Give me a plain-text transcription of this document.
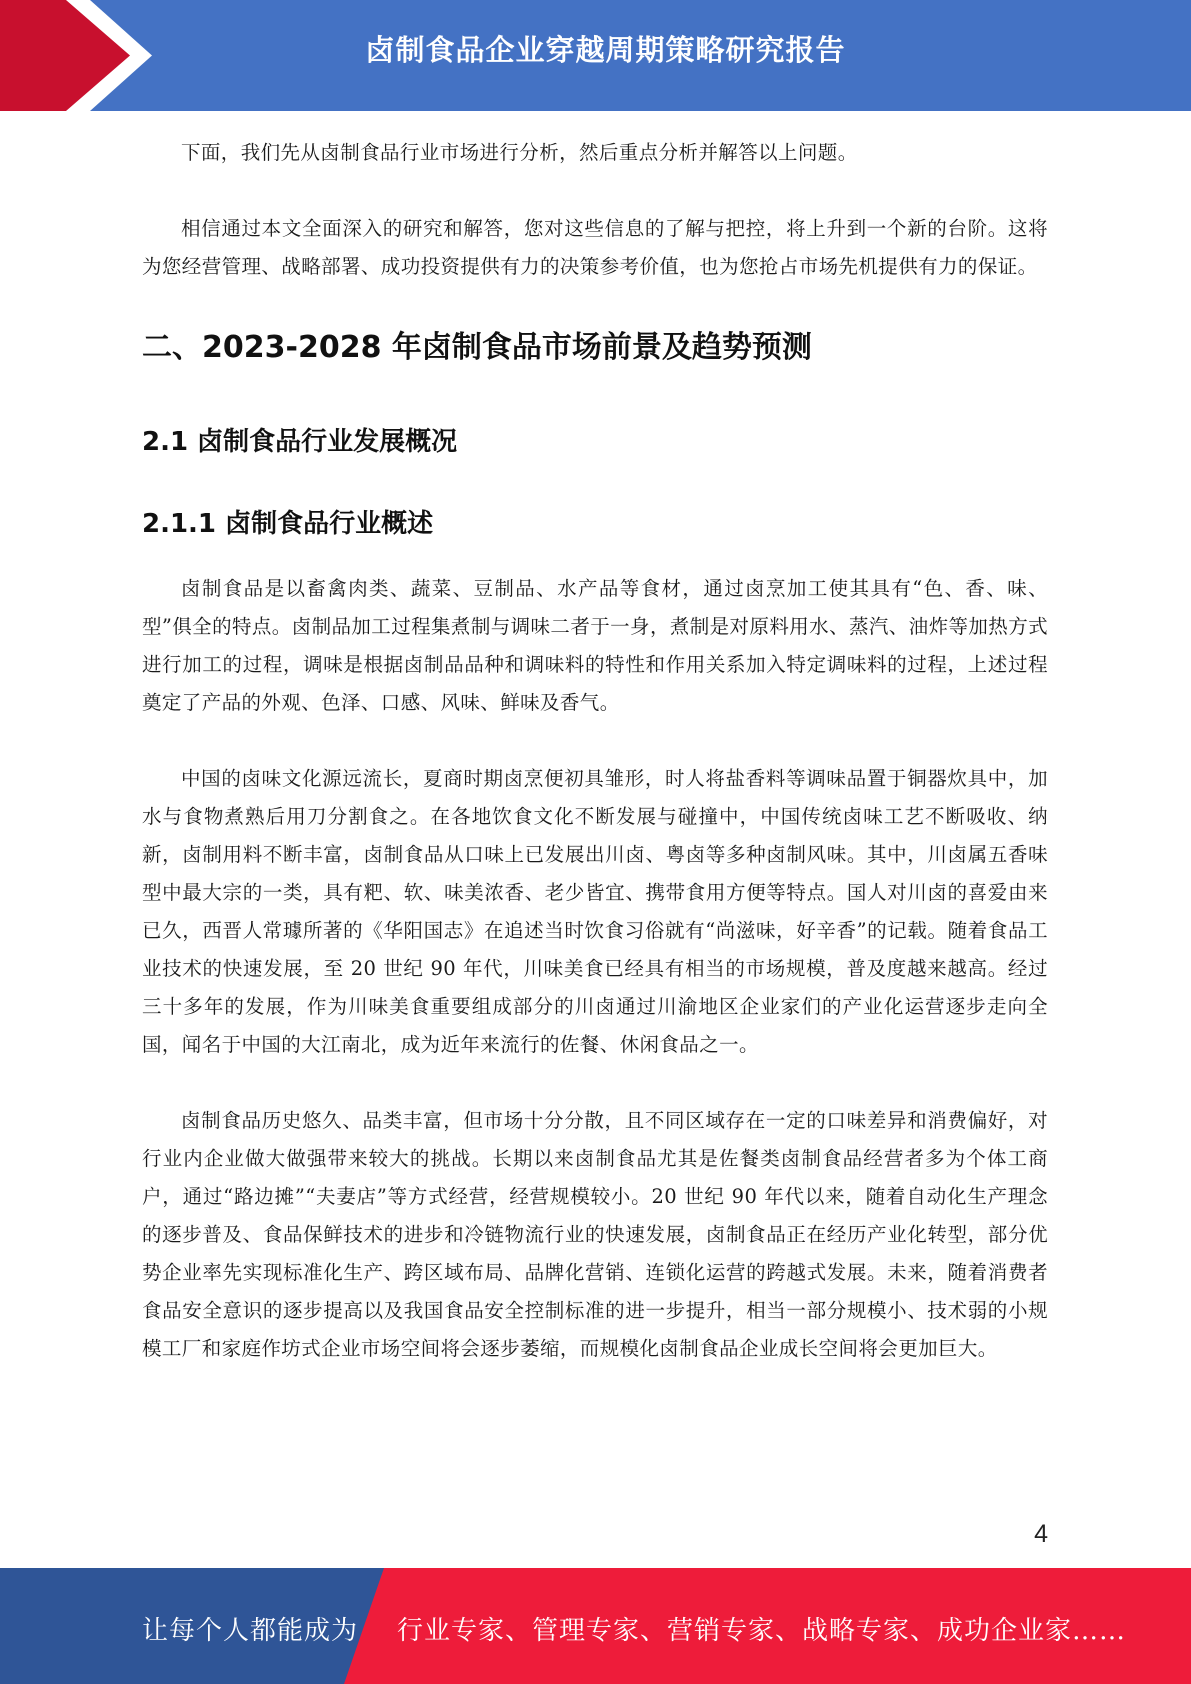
卤制食品企业穿越周期策略研究报告

下面，我们先从卤制食品行业市场进行分析，然后重点分析并解答以上问题。

相信通过本文全面深入的研究和解答，您对这些信息的了解与把控，将上升到一个新的台阶。这将为您经营管理、战略部署、成功投资提供有力的决策参考价值，也为您抢占市场先机提供有力的保证。

二、2023-2028 年卤制食品市场前景及趋势预测
2.1 卤制食品行业发展概况
2.1.1 卤制食品行业概述

卤制食品是以畜禽肉类、蔬菜、豆制品、水产品等食材，通过卤烹加工使其具有“色、香、味、型”俱全的特点。卤制品加工过程集煮制与调味二者于一身，煮制是对原料用水、蒸汽、油炸等加热方式进行加工的过程，调味是根据卤制品品种和调味料的特性和作用关系加入特定调味料的过程，上述过程奠定了产品的外观、色泽、口感、风味、鲜味及香气。

中国的卤味文化源远流长，夏商时期卤烹便初具雏形，时人将盐香料等调味品置于铜器炊具中，加水与食物煮熟后用刀分割食之。在各地饮食文化不断发展与碰撞中，中国传统卤味工艺不断吸收、纳新，卤制用料不断丰富，卤制食品从口味上已发展出川卤、粤卤等多种卤制风味。其中，川卤属五香味型中最大宗的一类，具有粑、软、味美浓香、老少皆宜、携带食用方便等特点。国人对川卤的喜爱由来已久，西晋人常璩所著的《华阳国志》在追述当时饮食习俗就有“尚滋味，好辛香”的记载。随着食品工业技术的快速发展，至 20 世纪 90 年代，川味美食已经具有相当的市场规模，普及度越来越高。经过三十多年的发展，作为川味美食重要组成部分的川卤通过川渝地区企业家们的产业化运营逐步走向全国，闻名于中国的大江南北，成为近年来流行的佐餐、休闲食品之一。

卤制食品历史悠久、品类丰富，但市场十分分散，且不同区域存在一定的口味差异和消费偏好，对行业内企业做大做强带来较大的挑战。长期以来卤制食品尤其是佐餐类卤制食品经营者多为个体工商户，通过“路边摊”“夫妻店”等方式经营，经营规模较小。20 世纪 90 年代以来，随着自动化生产理念的逐步普及、食品保鲜技术的进步和冷链物流行业的快速发展，卤制食品正在经历产业化转型，部分优势企业率先实现标准化生产、跨区域布局、品牌化营销、连锁化运营的跨越式发展。未来，随着消费者食品安全意识的逐步提高以及我国食品安全控制标准的进一步提升，相当一部分规模小、技术弱的小规模工厂和家庭作坊式企业市场空间将会逐步萎缩，而规模化卤制食品企业成长空间将会更加巨大。

4
让每个人都能成为 行业专家、管理专家、营销专家、战略专家、成功企业家……
